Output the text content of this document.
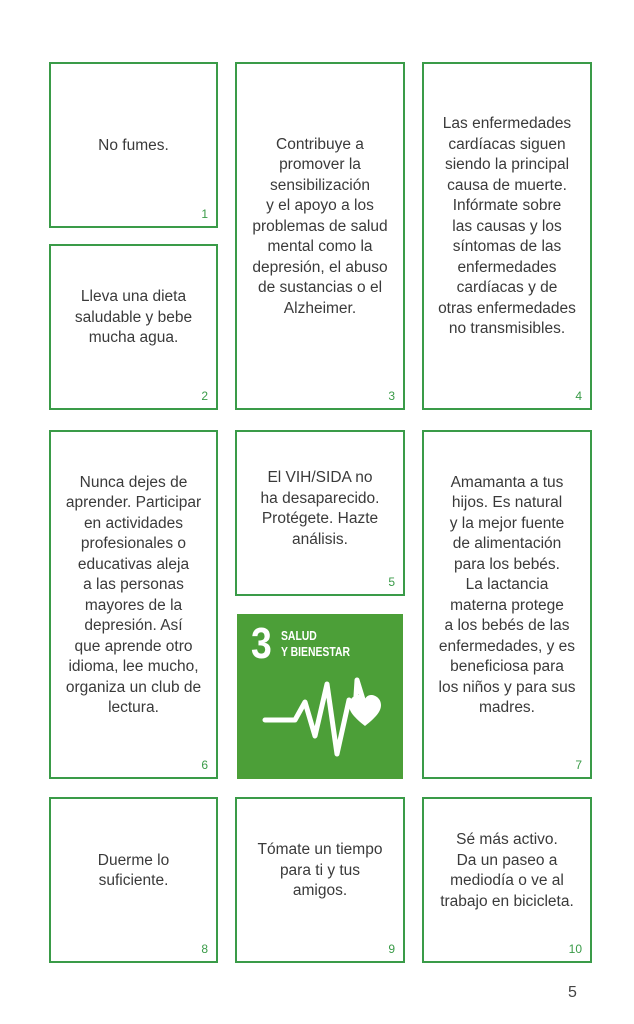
No fumes.
1
Lleva una dieta
saludable y bebe
mucha agua.
2
Contribuye a
promover la
sensibilización
y el apoyo a los
problemas de salud
mental como la
depresión, el abuso
de sustancias o el
Alzheimer.
3
Las enfermedades
cardíacas siguen
siendo la principal
causa de muerte.
Infórmate sobre
las causas y los
síntomas de las
enfermedades
cardíacas y de
otras enfermedades
no transmisibles.
4
Nunca dejes de
aprender. Participar
en actividades
profesionales o
educativas aleja
a las personas
mayores de la
depresión. Así
que aprende otro
idioma, lee mucho,
organiza un club de
lectura.
6
El VIH/SIDA no
ha desaparecido.
Protégete. Hazte
análisis.
5
3 SALUD
Y BIENESTAR
Amamanta a tus
hijos. Es natural
y la mejor fuente
de alimentación
para los bebés.
La lactancia
materna protege
a los bebés de las
enfermedades, y es
beneficiosa para
los niños y para sus
madres.
7
Duerme lo
suficiente.
8
Tómate un tiempo
para ti y tus
amigos.
9
Sé más activo.
Da un paseo a
mediodía o ve al
trabajo en bicicleta.
10
5
